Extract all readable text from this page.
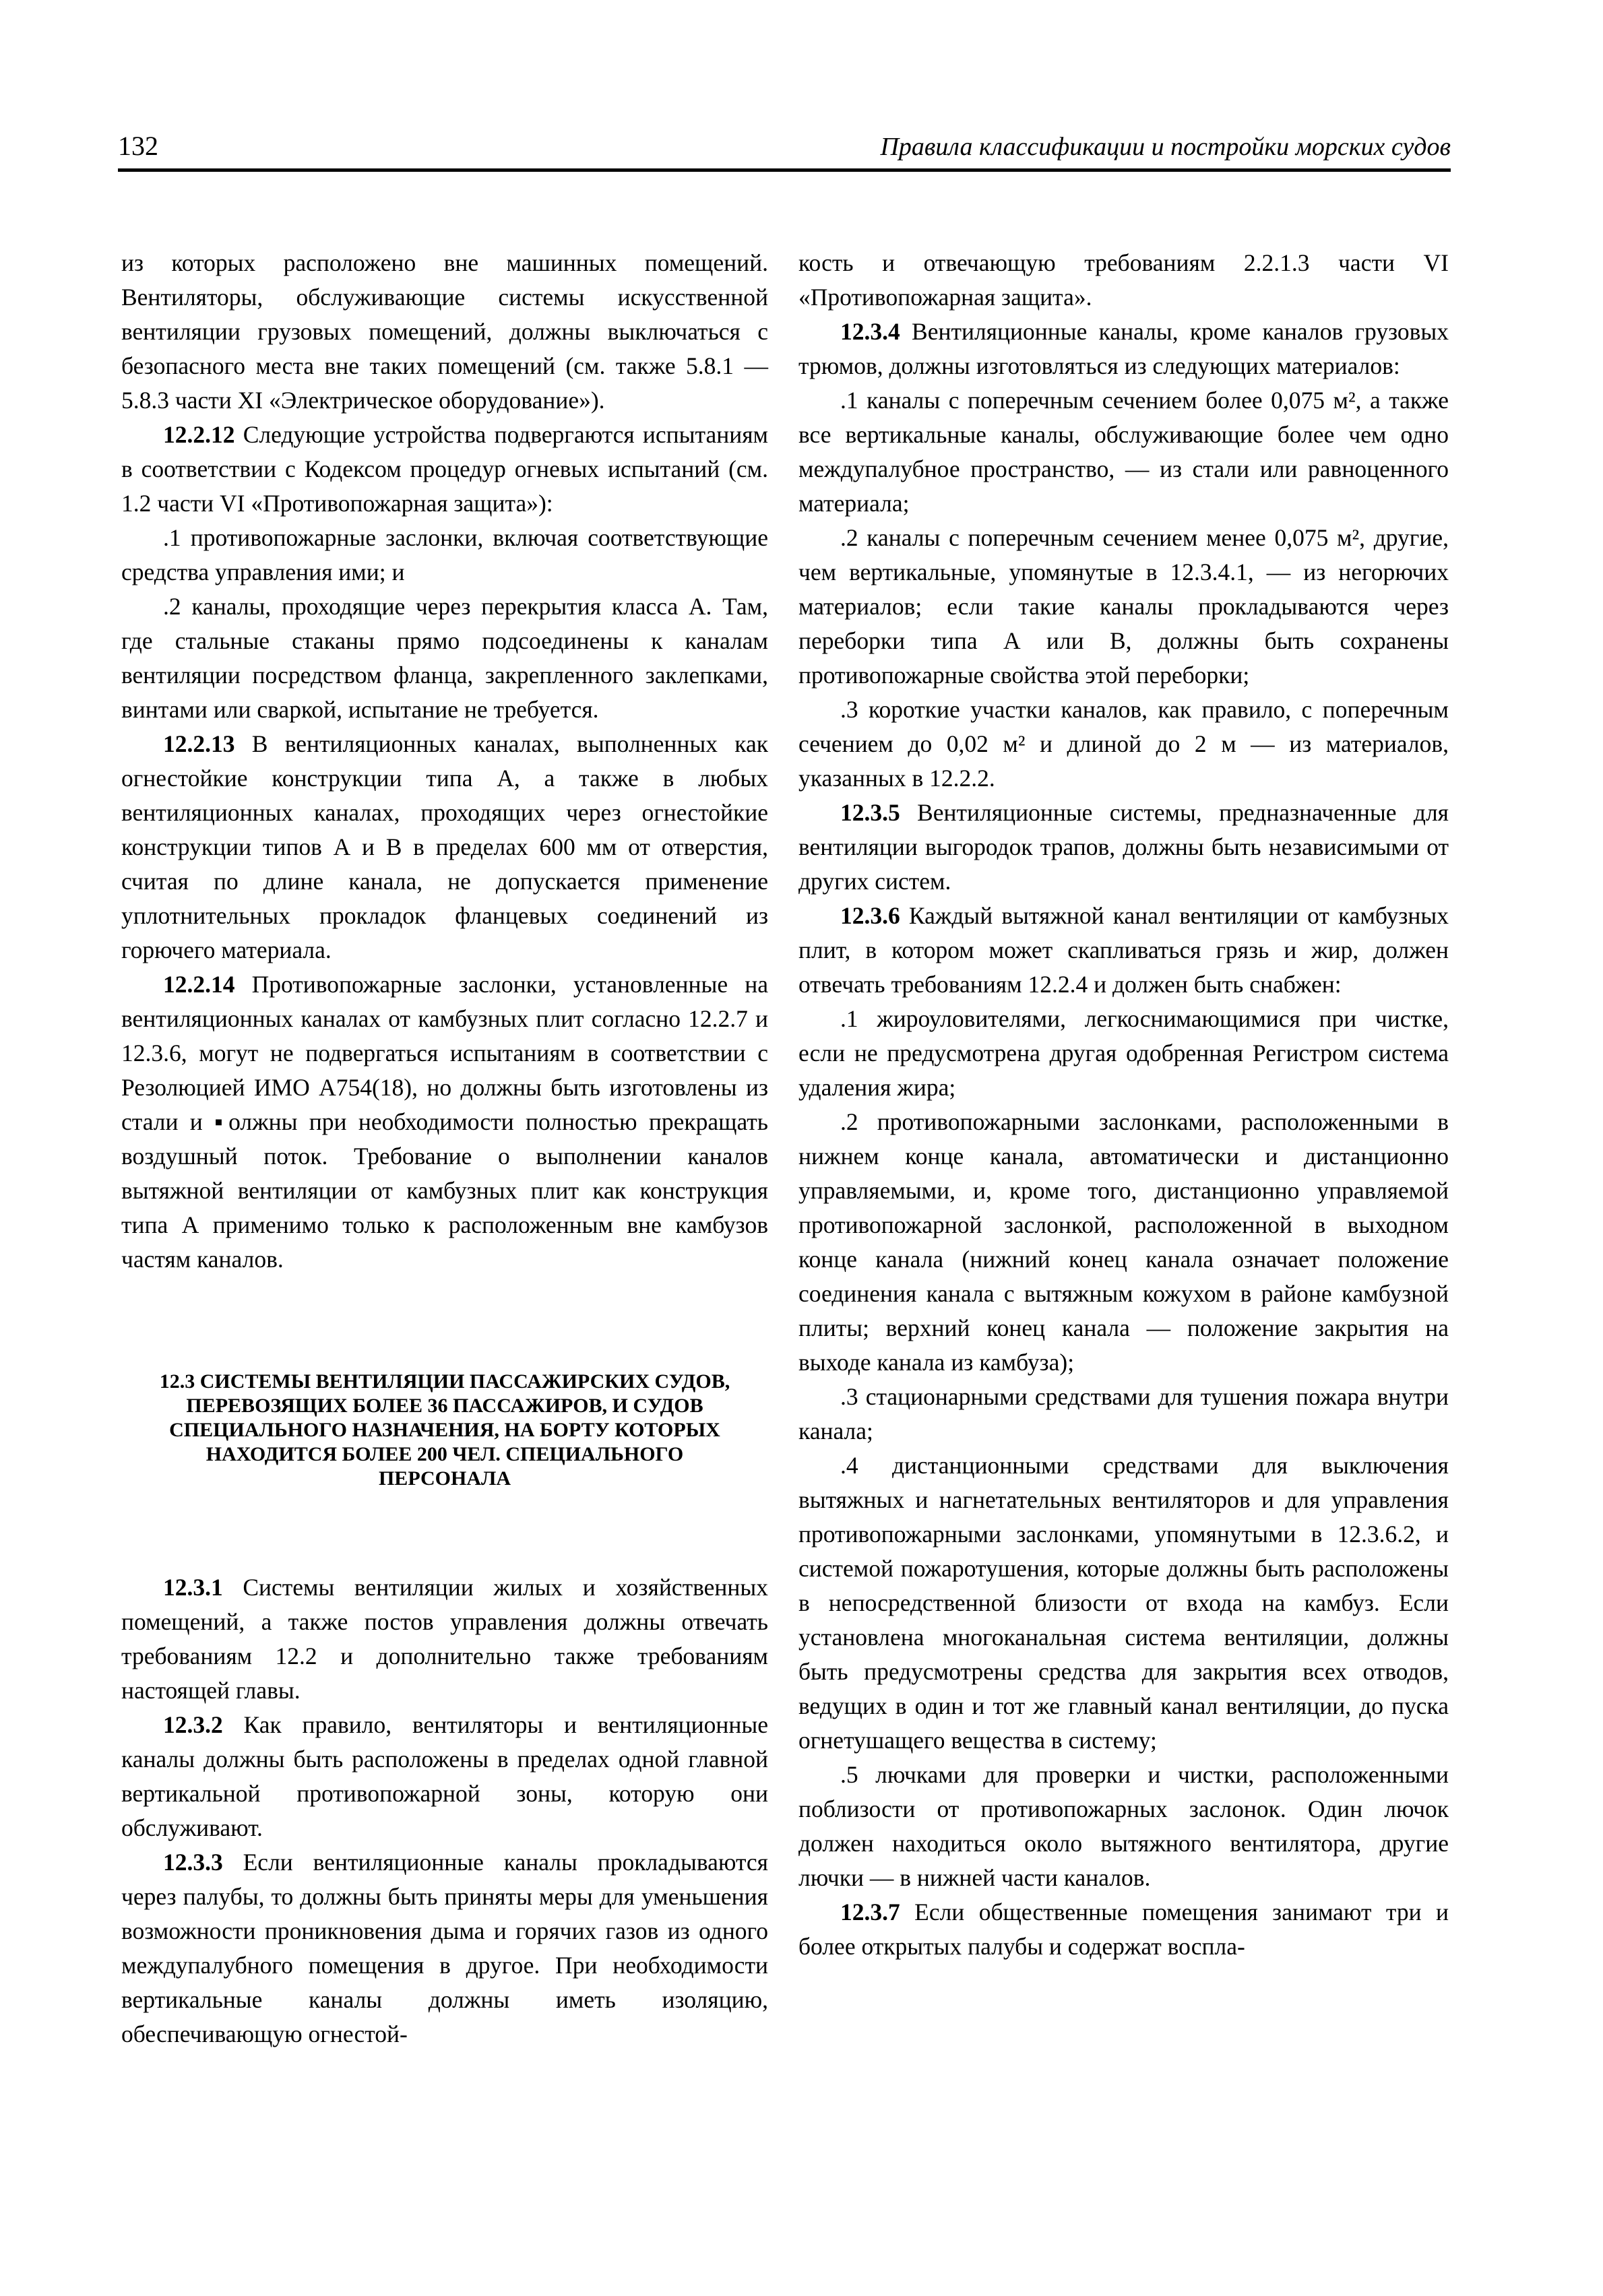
132	Правила классификации и постройки морских судов

из которых расположено вне машинных помещений. Вентиляторы, обслуживающие системы искусственной вентиляции грузовых помещений, должны выключаться с безопасного места вне таких помещений (см. также 5.8.1 — 5.8.3 части XI «Электрическое оборудование»).

12.2.12 Следующие устройства подвергаются испытаниям в соответствии с Кодексом процедур огневых испытаний (см. 1.2 части VI «Противопожарная защита»):

.1 противопожарные заслонки, включая соответствующие средства управления ими; и

.2 каналы, проходящие через перекрытия класса А. Там, где стальные стаканы прямо подсоединены к каналам вентиляции посредством фланца, закрепленного заклепками, винтами или сваркой, испытание не требуется.

12.2.13 В вентиляционных каналах, выполненных как огнестойкие конструкции типа А, а также в любых вентиляционных каналах, проходящих через огнестойкие конструкции типов А и В в пределах 600 мм от отверстия, считая по длине канала, не допускается применение уплотнительных прокладок фланцевых соединений из горючего материала.

12.2.14 Противопожарные заслонки, установленные на вентиляционных каналах от камбузных плит согласно 12.2.7 и 12.3.6, могут не подвергаться испытаниям в соответствии с Резолюцией ИМО А754(18), но должны быть изготовлены из стали и ▪олжны при необходимости полностью прекращать воздушный поток. Требование о выполнении каналов вытяжной вентиляции от камбузных плит как конструкция типа А применимо только к расположенным вне камбузов частям каналов.

12.3 СИСТЕМЫ ВЕНТИЛЯЦИИ ПАССАЖИРСКИХ СУДОВ, ПЕРЕВОЗЯЩИХ БОЛЕЕ 36 ПАССАЖИРОВ, И СУДОВ СПЕЦИАЛЬНОГО НАЗНАЧЕНИЯ, НА БОРТУ КОТОРЫХ НАХОДИТСЯ БОЛЕЕ 200 ЧЕЛ. СПЕЦИАЛЬНОГО ПЕРСОНАЛА

12.3.1 Системы вентиляции жилых и хозяйственных помещений, а также постов управления должны отвечать требованиям 12.2 и дополнительно также требованиям настоящей главы.

12.3.2 Как правило, вентиляторы и вентиляционные каналы должны быть расположены в пределах одной главной вертикальной противопожарной зоны, которую они обслуживают.

12.3.3 Если вентиляционные каналы прокладываются через палубы, то должны быть приняты меры для уменьшения возможности проникновения дыма и горячих газов из одного междупалубного помещения в другое. При необходимости вертикальные каналы должны иметь изоляцию, обеспечивающую огнестой-

кость и отвечающую требованиям 2.2.1.3 части VI «Противопожарная защита».

12.3.4 Вентиляционные каналы, кроме каналов грузовых трюмов, должны изготовляться из следующих материалов:

.1 каналы с поперечным сечением более 0,075 м², а также все вертикальные каналы, обслуживающие более чем одно междупалубное пространство, — из стали или равноценного материала;

.2 каналы с поперечным сечением менее 0,075 м², другие, чем вертикальные, упомянутые в 12.3.4.1, — из негорючих материалов; если такие каналы прокладываются через переборки типа А или В, должны быть сохранены противопожарные свойства этой переборки;

.3 короткие участки каналов, как правило, с поперечным сечением до 0,02 м² и длиной до 2 м — из материалов, указанных в 12.2.2.

12.3.5 Вентиляционные системы, предназначенные для вентиляции выгородок трапов, должны быть независимыми от других систем.

12.3.6 Каждый вытяжной канал вентиляции от камбузных плит, в котором может скапливаться грязь и жир, должен отвечать требованиям 12.2.4 и должен быть снабжен:

.1 жироуловителями, легкоснимающимися при чистке, если не предусмотрена другая одобренная Регистром система удаления жира;

.2 противопожарными заслонками, расположенными в нижнем конце канала, автоматически и дистанционно управляемыми, и, кроме того, дистанционно управляемой противопожарной заслонкой, расположенной в выходном конце канала (нижний конец канала означает положение соединения канала с вытяжным кожухом в районе камбузной плиты; верхний конец канала — положение закрытия на выходе канала из камбуза);

.3 стационарными средствами для тушения пожара внутри канала;

.4 дистанционными средствами для выключения вытяжных и нагнетательных вентиляторов и для управления противопожарными заслонками, упомянутыми в 12.3.6.2, и системой пожаротушения, которые должны быть расположены в непосредственной близости от входа на камбуз. Если установлена многоканальная система вентиляции, должны быть предусмотрены средства для закрытия всех отводов, ведущих в один и тот же главный канал вентиляции, до пуска огнетушащего вещества в систему;

.5 лючками для проверки и чистки, расположенными поблизости от противопожарных заслонок. Один лючок должен находиться около вытяжного вентилятора, другие лючки — в нижней части каналов.

12.3.7 Если общественные помещения занимают три и более открытых палубы и содержат воспла-
